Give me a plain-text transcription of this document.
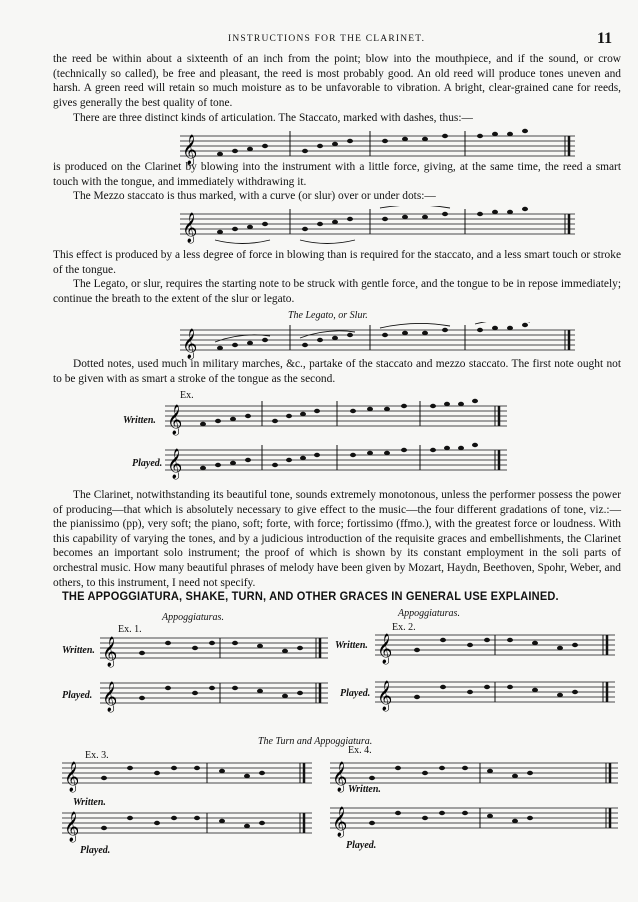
INSTRUCTIONS FOR THE CLARINET.	11

the reed be within about a sixteenth of an inch from the point; blow into the mouthpiece, and if the sound, or crow (technically so called), be free and pleasant, the reed is most probably good. An old reed will produce tones uneven and harsh. A green reed will retain so much moisture as to be unfavorable to vibration. A bright, clear-grained cane for reeds, gives generally the best quality of tone.

There are three distinct kinds of articulation. The Staccato, marked with dashes, thus:—

𝄞

is produced on the Clarinet by blowing into the instrument with a little force, giving, at the same time, the reed a smart touch with the tongue, and immediately withdrawing it.

The Mezzo staccato is thus marked, with a curve (or slur) over or under dots:—

𝄞

This effect is produced by a less degree of force in blowing than is required for the staccato, and a less smart touch or stroke of the tongue.

The Legato, or slur, requires the starting note to be struck with gentle force, and the tongue to be in repose immediately; continue the breath to the extent of the slur or legato.

The Legato, or Slur.
𝄞

Dotted notes, used much in military marches, &c., partake of the staccato and mezzo staccato. The first note ought not to be given with as smart a stroke of the tongue as the second.

Ex.
Written. 𝄞
Played. 𝄞

The Clarinet, notwithstanding its beautiful tone, sounds extremely monotonous, unless the performer possess the power of producing—that which is absolutely necessary to give effect to the music—the four different gradations of tone, viz.:—the pianissimo (pp), very soft; the piano, soft; forte, with force; fortissimo (ffmo.), with the greatest force or loudness. With this capability of varying the tones, and by a judicious introduction of the requisite graces and embellishments, the Clarinet becomes an important solo instrument; the proof of which is shown by its constant employment in the soli parts of orchestral music. How many beautiful phrases of melody have been given by Mozart, Haydn, Beethoven, Spohr, Weber, and others, to this instrument, I need not specify.

THE APPOGGIATURA, SHAKE, TURN, AND OTHER GRACES IN GENERAL USE EXPLAINED.
Appoggiaturas.
Ex. 1.
Written. 𝄞
Played. 𝄞
Appoggiaturas.
Ex. 2.
Written. 𝄞
Played. 𝄞
The Turn and Appoggiatura.
Ex. 3.
𝄞
Written.
𝄞
Played.
Ex. 4.
𝄞 Written.
𝄞
Played.
